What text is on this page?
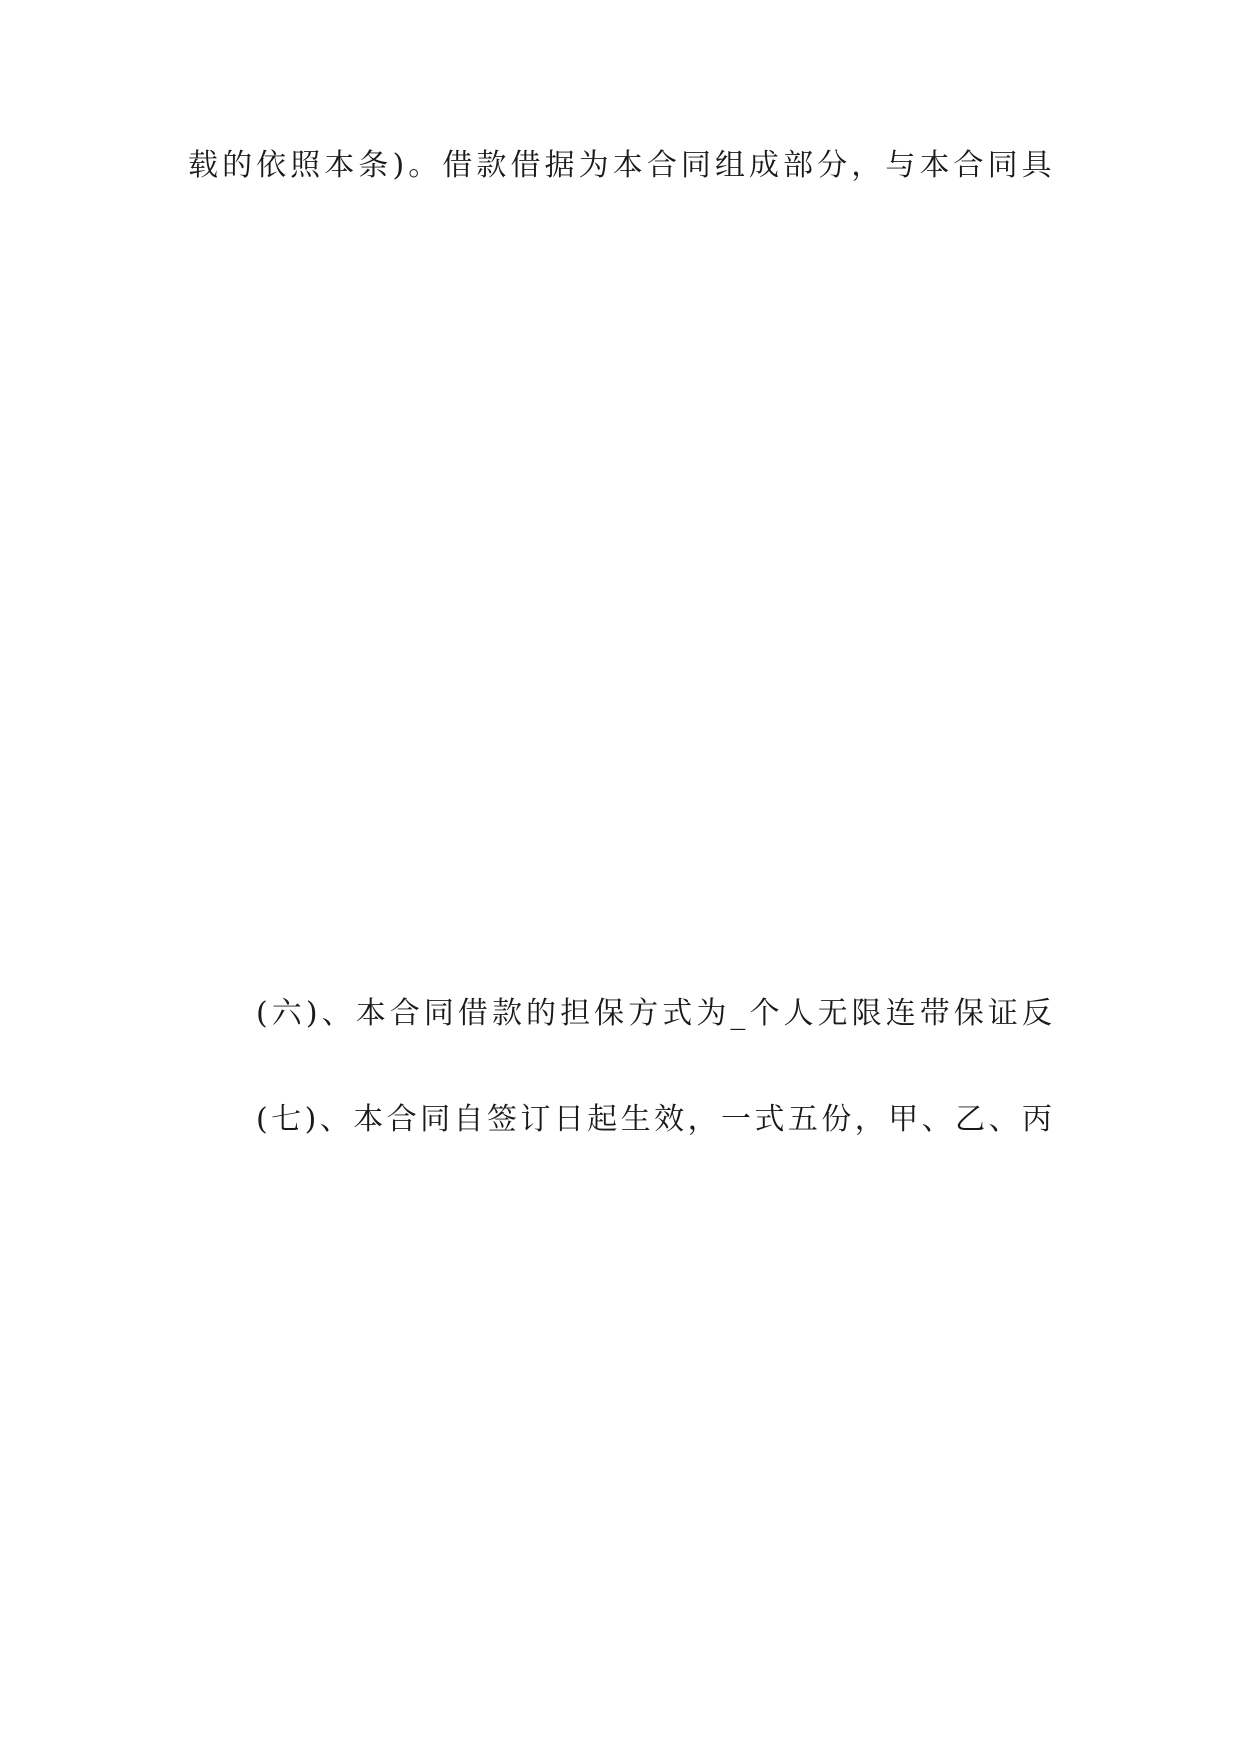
载 的 依 照 本 条 ) 。 借 款 借 据 为 本 合 同 组 成 部 分 ， 与 本 合 同 具

( 六 ) 、 本 合 同 借 款 的 担 保 方 式 为 _ 个 人 无 限 连 带 保 证 反

( 七 ) 、 本 合 同 自 签 订 日 起 生 效 ， 一 式 五 份 ， 甲 、 乙 、 丙
